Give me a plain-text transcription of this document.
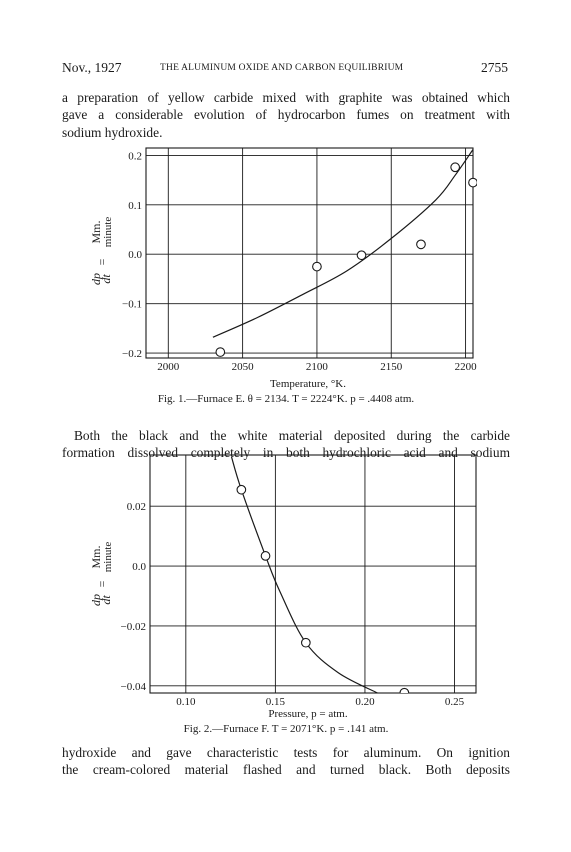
Nov., 1927	THE ALUMINUM OXIDE AND CARBON EQUILIBRIUM	2755
a preparation of yellow carbide mixed with graphite was obtained which
gave a considerable evolution of hydrocarbon fumes on treatment with
sodium hydroxide.
dp
dt
=
Mm. minute
2000	2050	2100	2150	2200
−0.2
−0.1
0.0
0.1
0.2
Temperature, °K.
Fig. 1.—Furnace E. θ = 2134. T = 2224°K. p = .4408 atm.
Both the black and the white material deposited during the carbide
formation dissolved completely in both hydrochloric acid and sodium
dp
dt
=
Mm. minute
0.10	0.15	0.20	0.25
−0.04
−0.02
0.0
0.02
Pressure, p = atm.
Fig. 2.—Furnace F. T = 2071°K. p = .141 atm.
hydroxide and gave characteristic tests for aluminum. On ignition
the cream-colored material flashed and turned black. Both deposits
